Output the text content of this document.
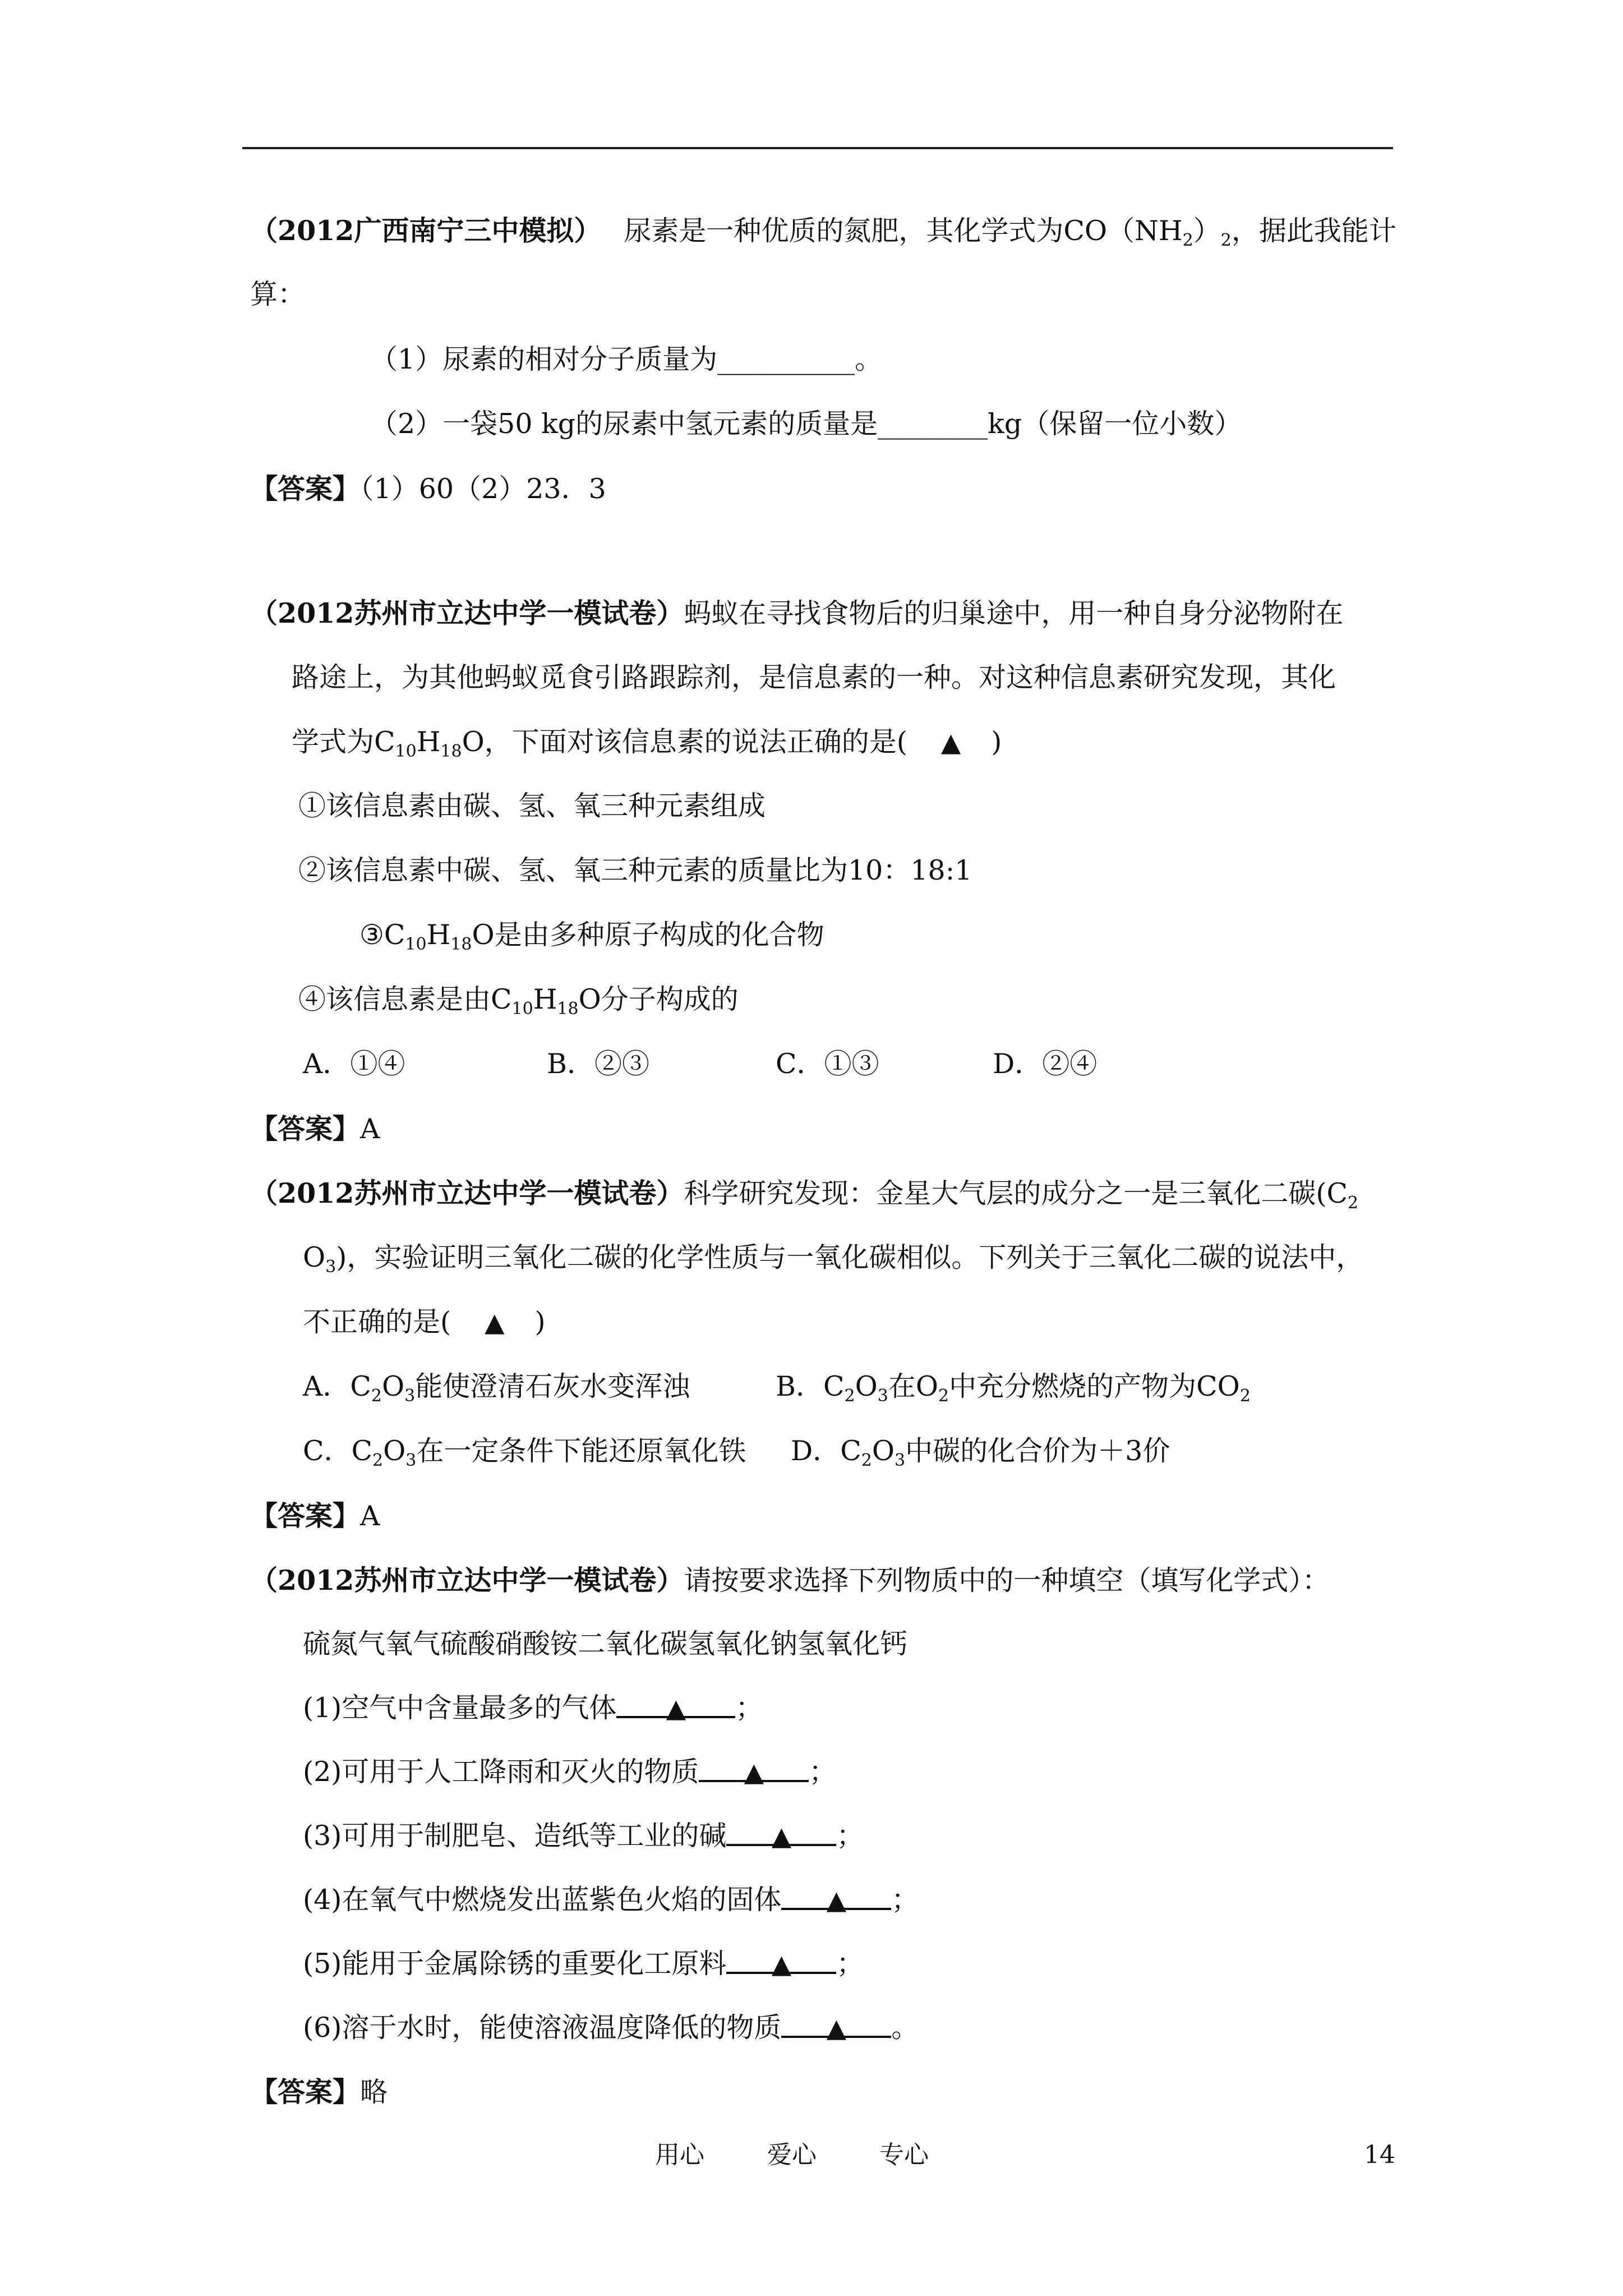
（2012广西南宁三中模拟） 尿素是一种优质的氮肥，其化学式为$CO(NH_2)_2$，据此我能计
算：
（1）尿素的相对分子质量为__________。
（2）一袋50 kg的尿素中氢元素的质量是________kg（保留一位小数）
【答案】（1）60（2）23．3
（2012苏州市立达中学一模试卷）蚂蚁在寻找食物后的归巢途中，用一种自身分泌物附在
路途上，为其他蚂蚁觅食引路跟踪剂，是信息素的一种。对这种信息素研究发现，其化
学式为$C_{10}H_{18}O$，下面对该信息素的说法正确的是( ▲ )
①该信息素由碳、氢、氧三种元素组成
②该信息素中碳、氢、氧三种元素的质量比为10：18:1
$③C_{10}H_{18}O$是由多种原子构成的化合物
④该信息素是由$C_{10}H_{18}O$分子构成的
A．①④	B．②③	C．①③	D．②④
【答案】A
（2012苏州市立达中学一模试卷）科学研究发现：金星大气层的成分之一是三氧化二碳($C_2$
$O_3$)，实验证明三氧化二碳的化学性质与一氧化碳相似。下列关于三氧化二碳的说法中，
不正确的是( ▲ )
A．$C_2O_3$能使澄清石灰水变浑浊	B．$C_2O_3$在$O_2$中充分燃烧的产物为$CO_2$
C．$C_2O_3$在一定条件下能还原氧化铁 D．$C_2O_3$中碳的化合价为＋3价
【答案】A
（2012苏州市立达中学一模试卷）请按要求选择下列物质中的一种填空（填写化学式）：
硫氮气氧气硫酸硝酸铵二氧化碳氢氧化钠氢氧化钙
(1)空气中含量最多的气体 ▲ ；
(2)可用于人工降雨和灭火的物质 ▲ ；
(3)可用于制肥皂、造纸等工业的碱 ▲ ；
(4)在氧气中燃烧发出蓝紫色火焰的固体 ▲ ；
(5)能用于金属除锈的重要化工原料 ▲ ；
(6)溶于水时，能使溶液温度降低的物质 ▲ 。
【答案】略
用心	爱心	专心	14
